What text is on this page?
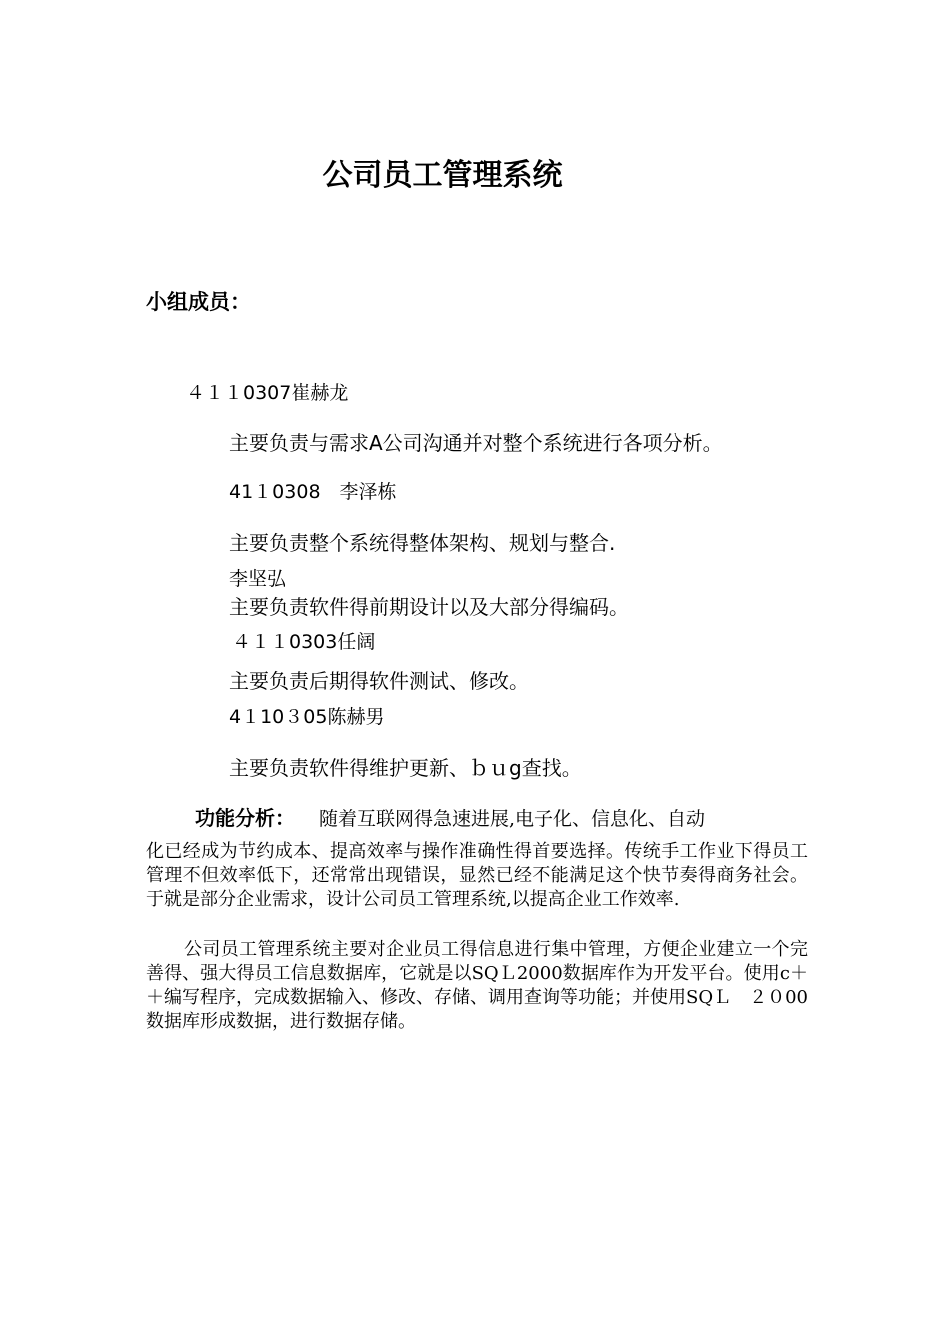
公司员工管理系统
小组成员：
４１１0307崔赫龙
主要负责与需求A公司沟通并对整个系统进行各项分析。
41１0308　李泽栋
主要负责整个系统得整体架构、规划与整合.
李坚弘
主要负责软件得前期设计以及大部分得编码。
４１１0303任阔
主要负责后期得软件测试、修改。
4１10３05陈赫男
主要负责软件得维护更新、ｂｕg查找。
功能分析： 随着互联网得急速进展,电子化、信息化、自动
化已经成为节约成本、提高效率与操作准确性得首要选择。传统手工作业下得员工管理不但效率低下，还常常出现错误，显然已经不能满足这个快节奏得商务社会。于就是部分企业需求，设计公司员工管理系统,以提高企业工作效率.
公司员工管理系统主要对企业员工得信息进行集中管理，方便企业建立一个完善得、强大得员工信息数据库，它就是以SQＬ2000数据库作为开发平台。使用c＋＋编写程序，完成数据输入、修改、存储、调用查询等功能；并使用SQＬ　２０00数据库形成数据，进行数据存储。
